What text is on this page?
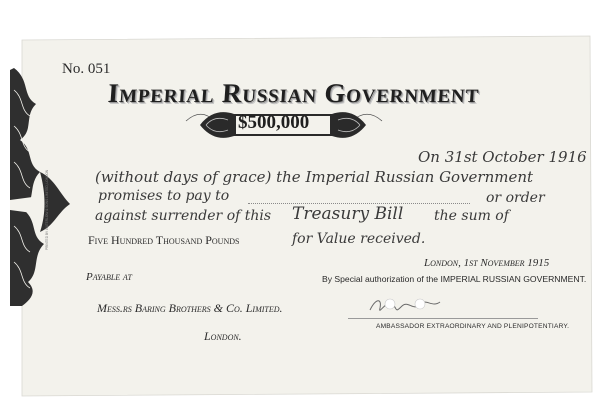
PRINTED BY WATERLOW & SONS LIMITED, LONDON
No. 051
Imperial Russian Government
$500,000
On 31st October 1916
(without days of grace) the Imperial Russian Government
promises to pay to	or order
against surrender of this Treasury Bill the sum of
Five Hundred Thousand Pounds	for Value received.
London, 1st November 1915
Payable at	By Special authorization of the IMPERIAL RUSSIAN GOVERNMENT.
Mess.rs Baring Brothers & Co. Limited.
AMBASSADOR EXTRAORDINARY AND PLENIPOTENTIARY.
London.
